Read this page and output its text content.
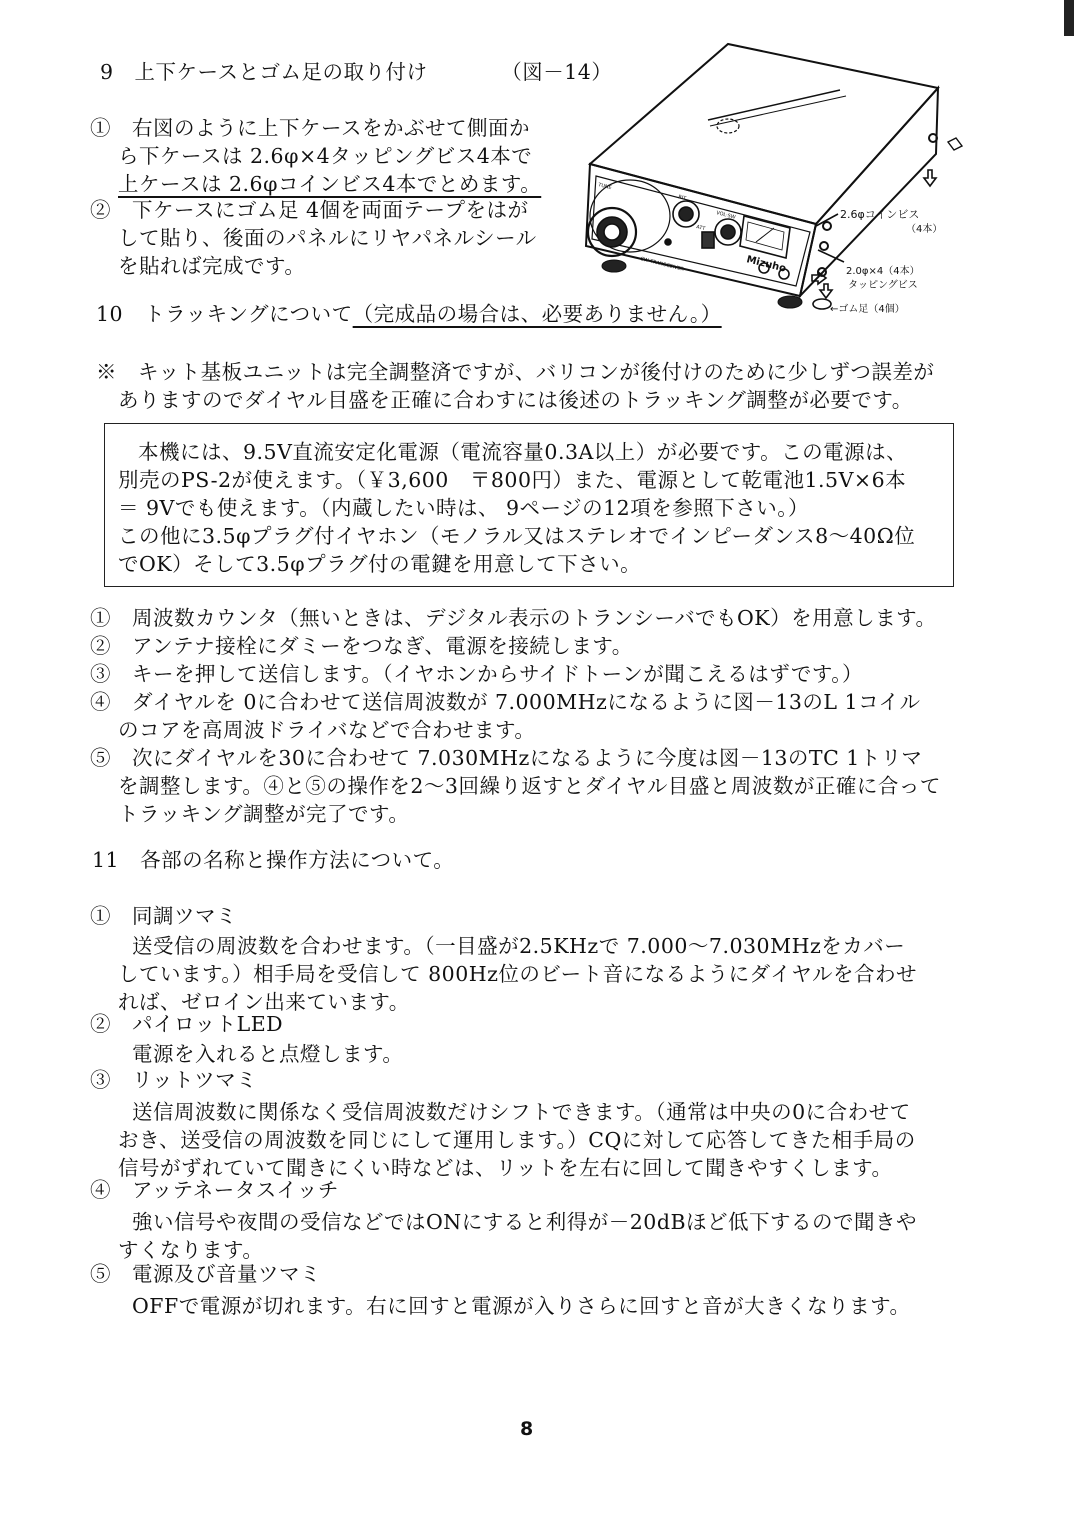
9　上下ケースとゴム足の取り付け　　　　（図－14）
①　右図のように上下ケースをかぶせて側面か
ら下ケースは 2.6φ×4タッピングビス4本で
上ケースは 2.6φコインビス4本でとめます。
②　下ケースにゴム足 4個を両面テープをはが
して貼り、後面のパネルにリヤパネルシール
を貼れば完成です。
2.6φコインビス
（4本）
2.0φ×4（4本）
タッピングビス
←ゴム足（4個）
Mizuho
CW TRANSCEIVER
TUNE
RIT
VOL·SW
ATT
10　トラッキングについて（完成品の場合は、必要ありません。）
※　キット基板ユニットは完全調整済ですが、バリコンが後付けのために少しずつ誤差が
ありますのでダイヤル目盛を正確に合わすには後述のトラッキング調整が必要です。
本機には、9.5V直流安定化電源（電流容量0.3A以上）が必要です。この電源は、
別売のPS-2が使えます。（￥3,600　〒800円）また、電源として乾電池1.5V×6本
＝ 9Vでも使えます。（内蔵したい時は、 9ページの12項を参照下さい。）
この他に3.5φプラグ付イヤホン（モノラル又はステレオでインピーダンス8～40Ω位
でOK）そして3.5φプラグ付の電鍵を用意して下さい。
①　周波数カウンタ（無いときは、デジタル表示のトランシーバでもOK）を用意します。
②　アンテナ接栓にダミーをつなぎ、電源を接続します。
③　キーを押して送信します。（イヤホンからサイドトーンが聞こえるはずです。）
④　ダイヤルを 0に合わせて送信周波数が 7.000MHzになるように図－13のL 1コイル
のコアを高周波ドライバなどで合わせます。
⑤　次にダイヤルを30に合わせて 7.030MHzになるように今度は図－13のTC 1トリマ
を調整します。④と⑤の操作を2～3回繰り返すとダイヤル目盛と周波数が正確に合って
トラッキング調整が完了です。
11　各部の名称と操作方法について。
①　同調ツマミ
送受信の周波数を合わせます。（一目盛が2.5KHzで 7.000～7.030MHzをカバー
しています。）相手局を受信して 800Hz位のビート音になるようにダイヤルを合わせ
れば、ゼロイン出来ています。
②　パイロットLED
電源を入れると点燈します。
③　リットツマミ
送信周波数に関係なく受信周波数だけシフトできます。（通常は中央の0に合わせて
おき、送受信の周波数を同じにして運用します。）CQに対して応答してきた相手局の
信号がずれていて聞きにくい時などは、リットを左右に回して聞きやすくします。
④　アッテネータスイッチ
強い信号や夜間の受信などではONにすると利得が－20dBほど低下するので聞きや
すくなります。
⑤　電源及び音量ツマミ
OFFで電源が切れます。右に回すと電源が入りさらに回すと音が大きくなります。
8
